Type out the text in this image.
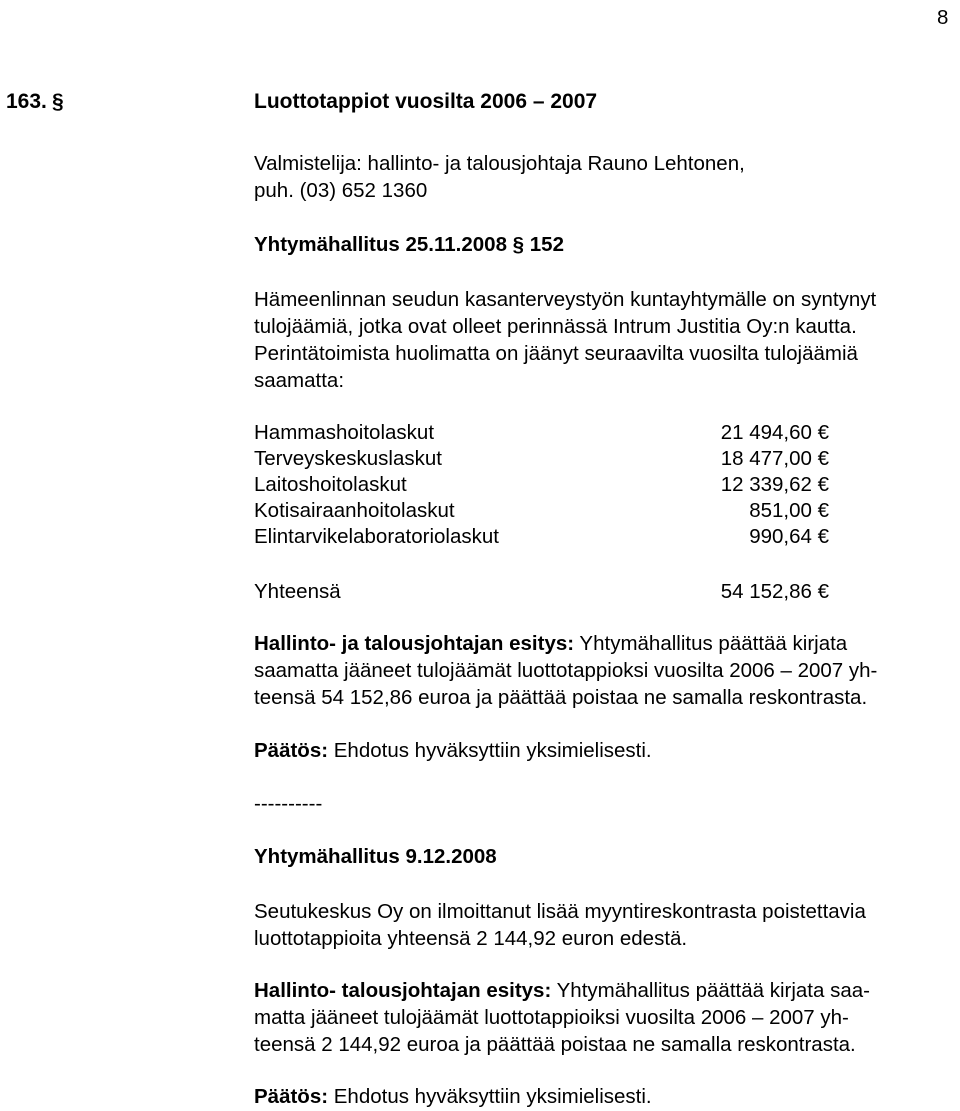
8
163. §	Luottotappiot vuosilta 2006 – 2007
Valmistelija: hallinto- ja talousjohtaja Rauno Lehtonen,
puh. (03) 652 1360
Yhtymähallitus 25.11.2008 § 152
Hämeenlinnan seudun kasanterveystyön kuntayhtymälle on syntynyt
tulojäämiä, jotka ovat olleet perinnässä Intrum Justitia Oy:n kautta.
Perintätoimista huolimatta on jäänyt seuraavilta vuosilta tulojäämiä
saamatta:
Hammashoitolaskut	21 494,60 €
Terveyskeskuslaskut	18 477,00 €
Laitoshoitolaskut	12 339,62 €
Kotisairaanhoitolaskut	851,00 €
Elintarvikelaboratoriolaskut	990,64 €
Yhteensä	54 152,86 €
Hallinto- ja talousjohtajan esitys: Yhtymähallitus päättää kirjata
saamatta jääneet tulojäämät luottotappioksi vuosilta 2006 – 2007 yh-
teensä 54 152,86 euroa ja päättää poistaa ne samalla reskontrasta.
Päätös: Ehdotus hyväksyttiin yksimielisesti.
----------
Yhtymähallitus 9.12.2008
Seutukeskus Oy on ilmoittanut lisää myyntireskontrasta poistettavia
luottotappioita yhteensä 2 144,92 euron edestä.
Hallinto- talousjohtajan esitys: Yhtymähallitus päättää kirjata saa-
matta jääneet tulojäämät luottotappioiksi vuosilta 2006 – 2007 yh-
teensä 2 144,92 euroa ja päättää poistaa ne samalla reskontrasta.
Päätös: Ehdotus hyväksyttiin yksimielisesti.
